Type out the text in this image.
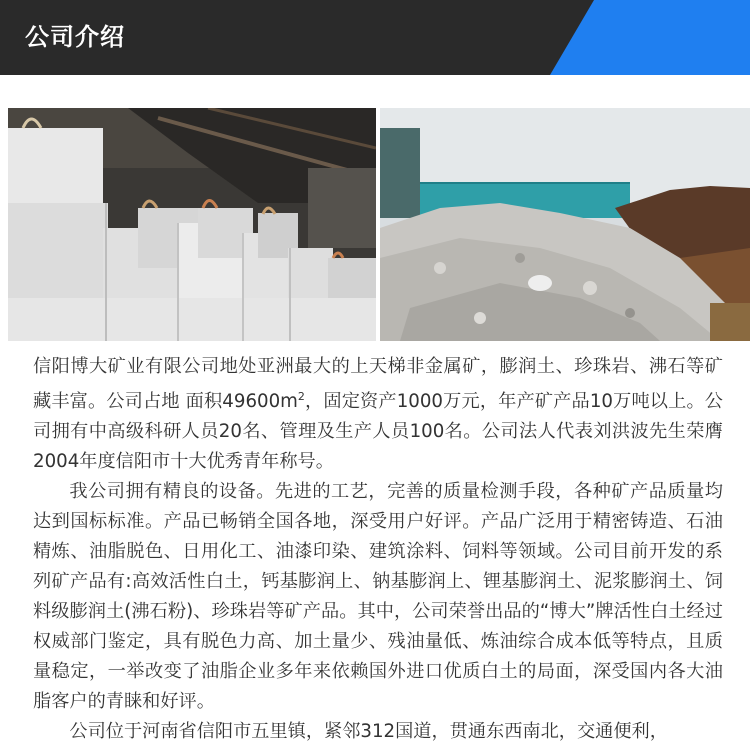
公司介绍

信阳博大矿业有限公司地处亚洲最大的上天梯非金属矿，膨润土、珍珠岩、沸石等矿藏丰富。公司占地 面积$49600m^2$，固定资产1000万元，年产矿产品10万吨以上。公司拥有中高级科研人员20名、管理及生产人员100名。公司法人代表刘洪波先生荣膺2004年度信阳市十大优秀青年称号。

我公司拥有精良的设备。先进的工艺，完善的质量检测手段，各种矿产品质量均达到国标标准。产品已畅销全国各地，深受用户好评。产品广泛用于精密铸造、石油精炼、油脂脱色、日用化工、油漆印染、建筑涂料、饲料等领域。公司目前开发的系列矿产品有:高效活性白土，钙基膨润上、钠基膨润上、锂基膨润土、泥浆膨润土、饲料级膨润土(沸石粉)、珍珠岩等矿产品。其中，公司荣誉出品的“博大”牌活性白土经过权威部门鉴定，具有脱色力高、加土量少、残油量低、炼油综合成本低等特点，且质量稳定，一举改变了油脂企业多年来依赖国外进口优质白土的局面，深受国内各大油脂客户的青睐和好评。

公司位于河南省信阳市五里镇，紧邻312国道，贯通东西南北，交通便利，
